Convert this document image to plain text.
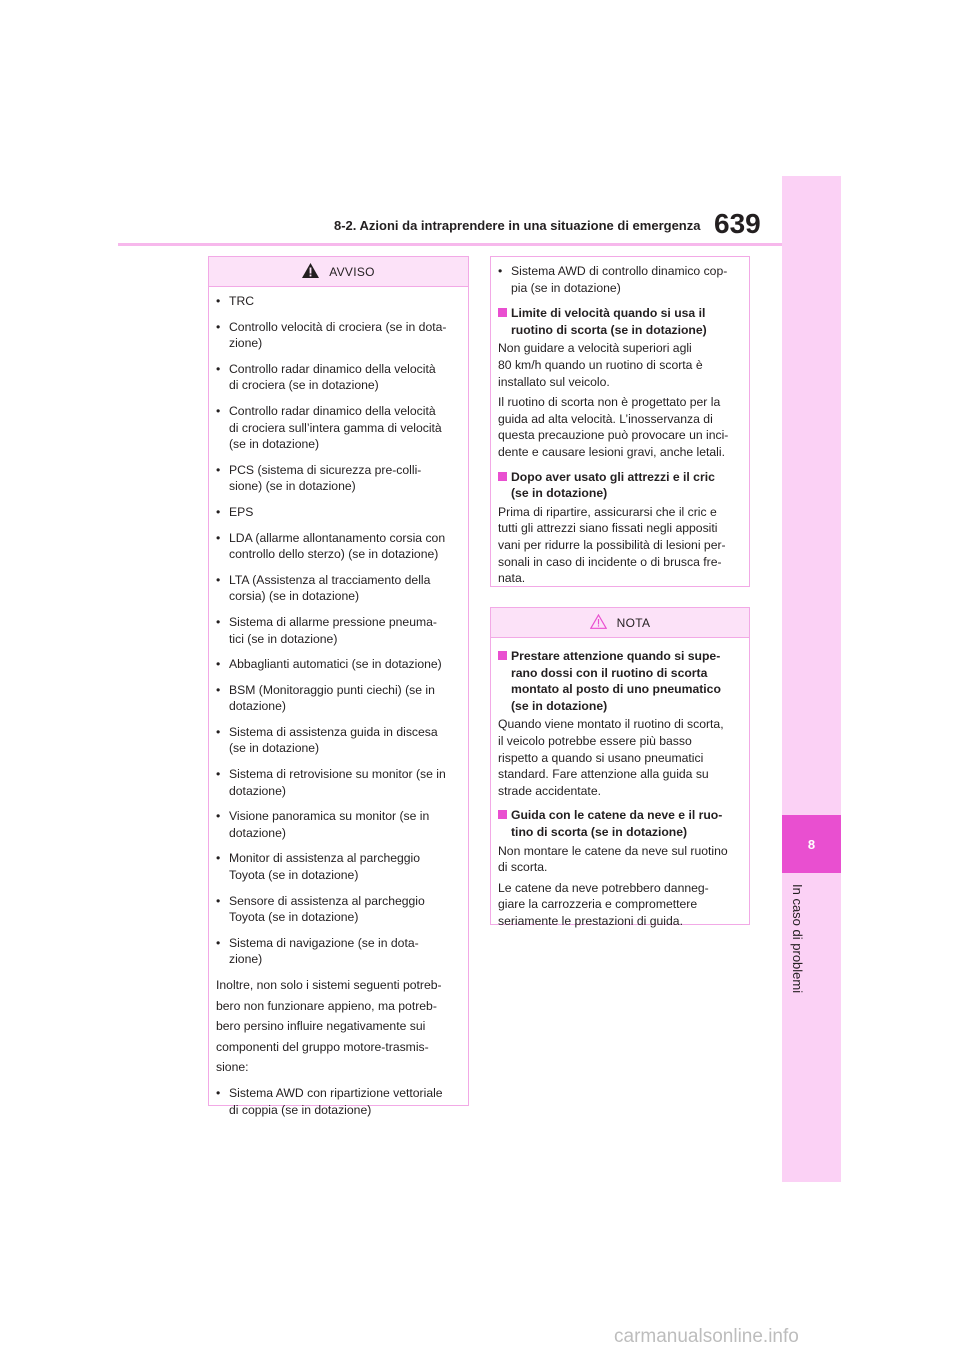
8
In caso di problemi
8-2. Azioni da intraprendere in una situazione di emergenza 639
AVVISO
• TRC
• Controllo velocità di crociera (se in dota-
zione)
• Controllo radar dinamico della velocità
di crociera (se in dotazione)
• Controllo radar dinamico della velocità
di crociera sull’intera gamma di velocità
(se in dotazione)
• PCS (sistema di sicurezza pre-colli-
sione) (se in dotazione)
• EPS
• LDA (allarme allontanamento corsia con
controllo dello sterzo) (se in dotazione)
• LTA (Assistenza al tracciamento della
corsia) (se in dotazione)
• Sistema di allarme pressione pneuma-
tici (se in dotazione)
• Abbaglianti automatici (se in dotazione)
• BSM (Monitoraggio punti ciechi) (se in
dotazione)
• Sistema di assistenza guida in discesa
(se in dotazione)
• Sistema di retrovisione su monitor (se in
dotazione)
• Visione panoramica su monitor (se in
dotazione)
• Monitor di assistenza al parcheggio
Toyota (se in dotazione)
• Sensore di assistenza al parcheggio
Toyota (se in dotazione)
• Sistema di navigazione (se in dota-
zione)
Inoltre, non solo i sistemi seguenti potreb-
bero non funzionare appieno, ma potreb-
bero persino influire negativamente sui
componenti del gruppo motore-trasmis-
sione:
• Sistema AWD con ripartizione vettoriale
di coppia (se in dotazione)
• Sistema AWD di controllo dinamico cop-
pia (se in dotazione)
Limite di velocità quando si usa il
ruotino di scorta (se in dotazione)
Non guidare a velocità superiori agli
80 km/h quando un ruotino di scorta è
installato sul veicolo.
Il ruotino di scorta non è progettato per la
guida ad alta velocità. L’inosservanza di
questa precauzione può provocare un inci-
dente e causare lesioni gravi, anche letali.
Dopo aver usato gli attrezzi e il cric
(se in dotazione)
Prima di ripartire, assicurarsi che il cric e
tutti gli attrezzi siano fissati negli appositi
vani per ridurre la possibilità di lesioni per-
sonali in caso di incidente o di brusca fre-
nata.
NOTA
Prestare attenzione quando si supe-
rano dossi con il ruotino di scorta
montato al posto di uno pneumatico
(se in dotazione)
Quando viene montato il ruotino di scorta,
il veicolo potrebbe essere più basso
rispetto a quando si usano pneumatici
standard. Fare attenzione alla guida su
strade accidentate.
Guida con le catene da neve e il ruo-
tino di scorta (se in dotazione)
Non montare le catene da neve sul ruotino
di scorta.
Le catene da neve potrebbero danneg-
giare la carrozzeria e compromettere
seriamente le prestazioni di guida.
carmanualsonline.info
